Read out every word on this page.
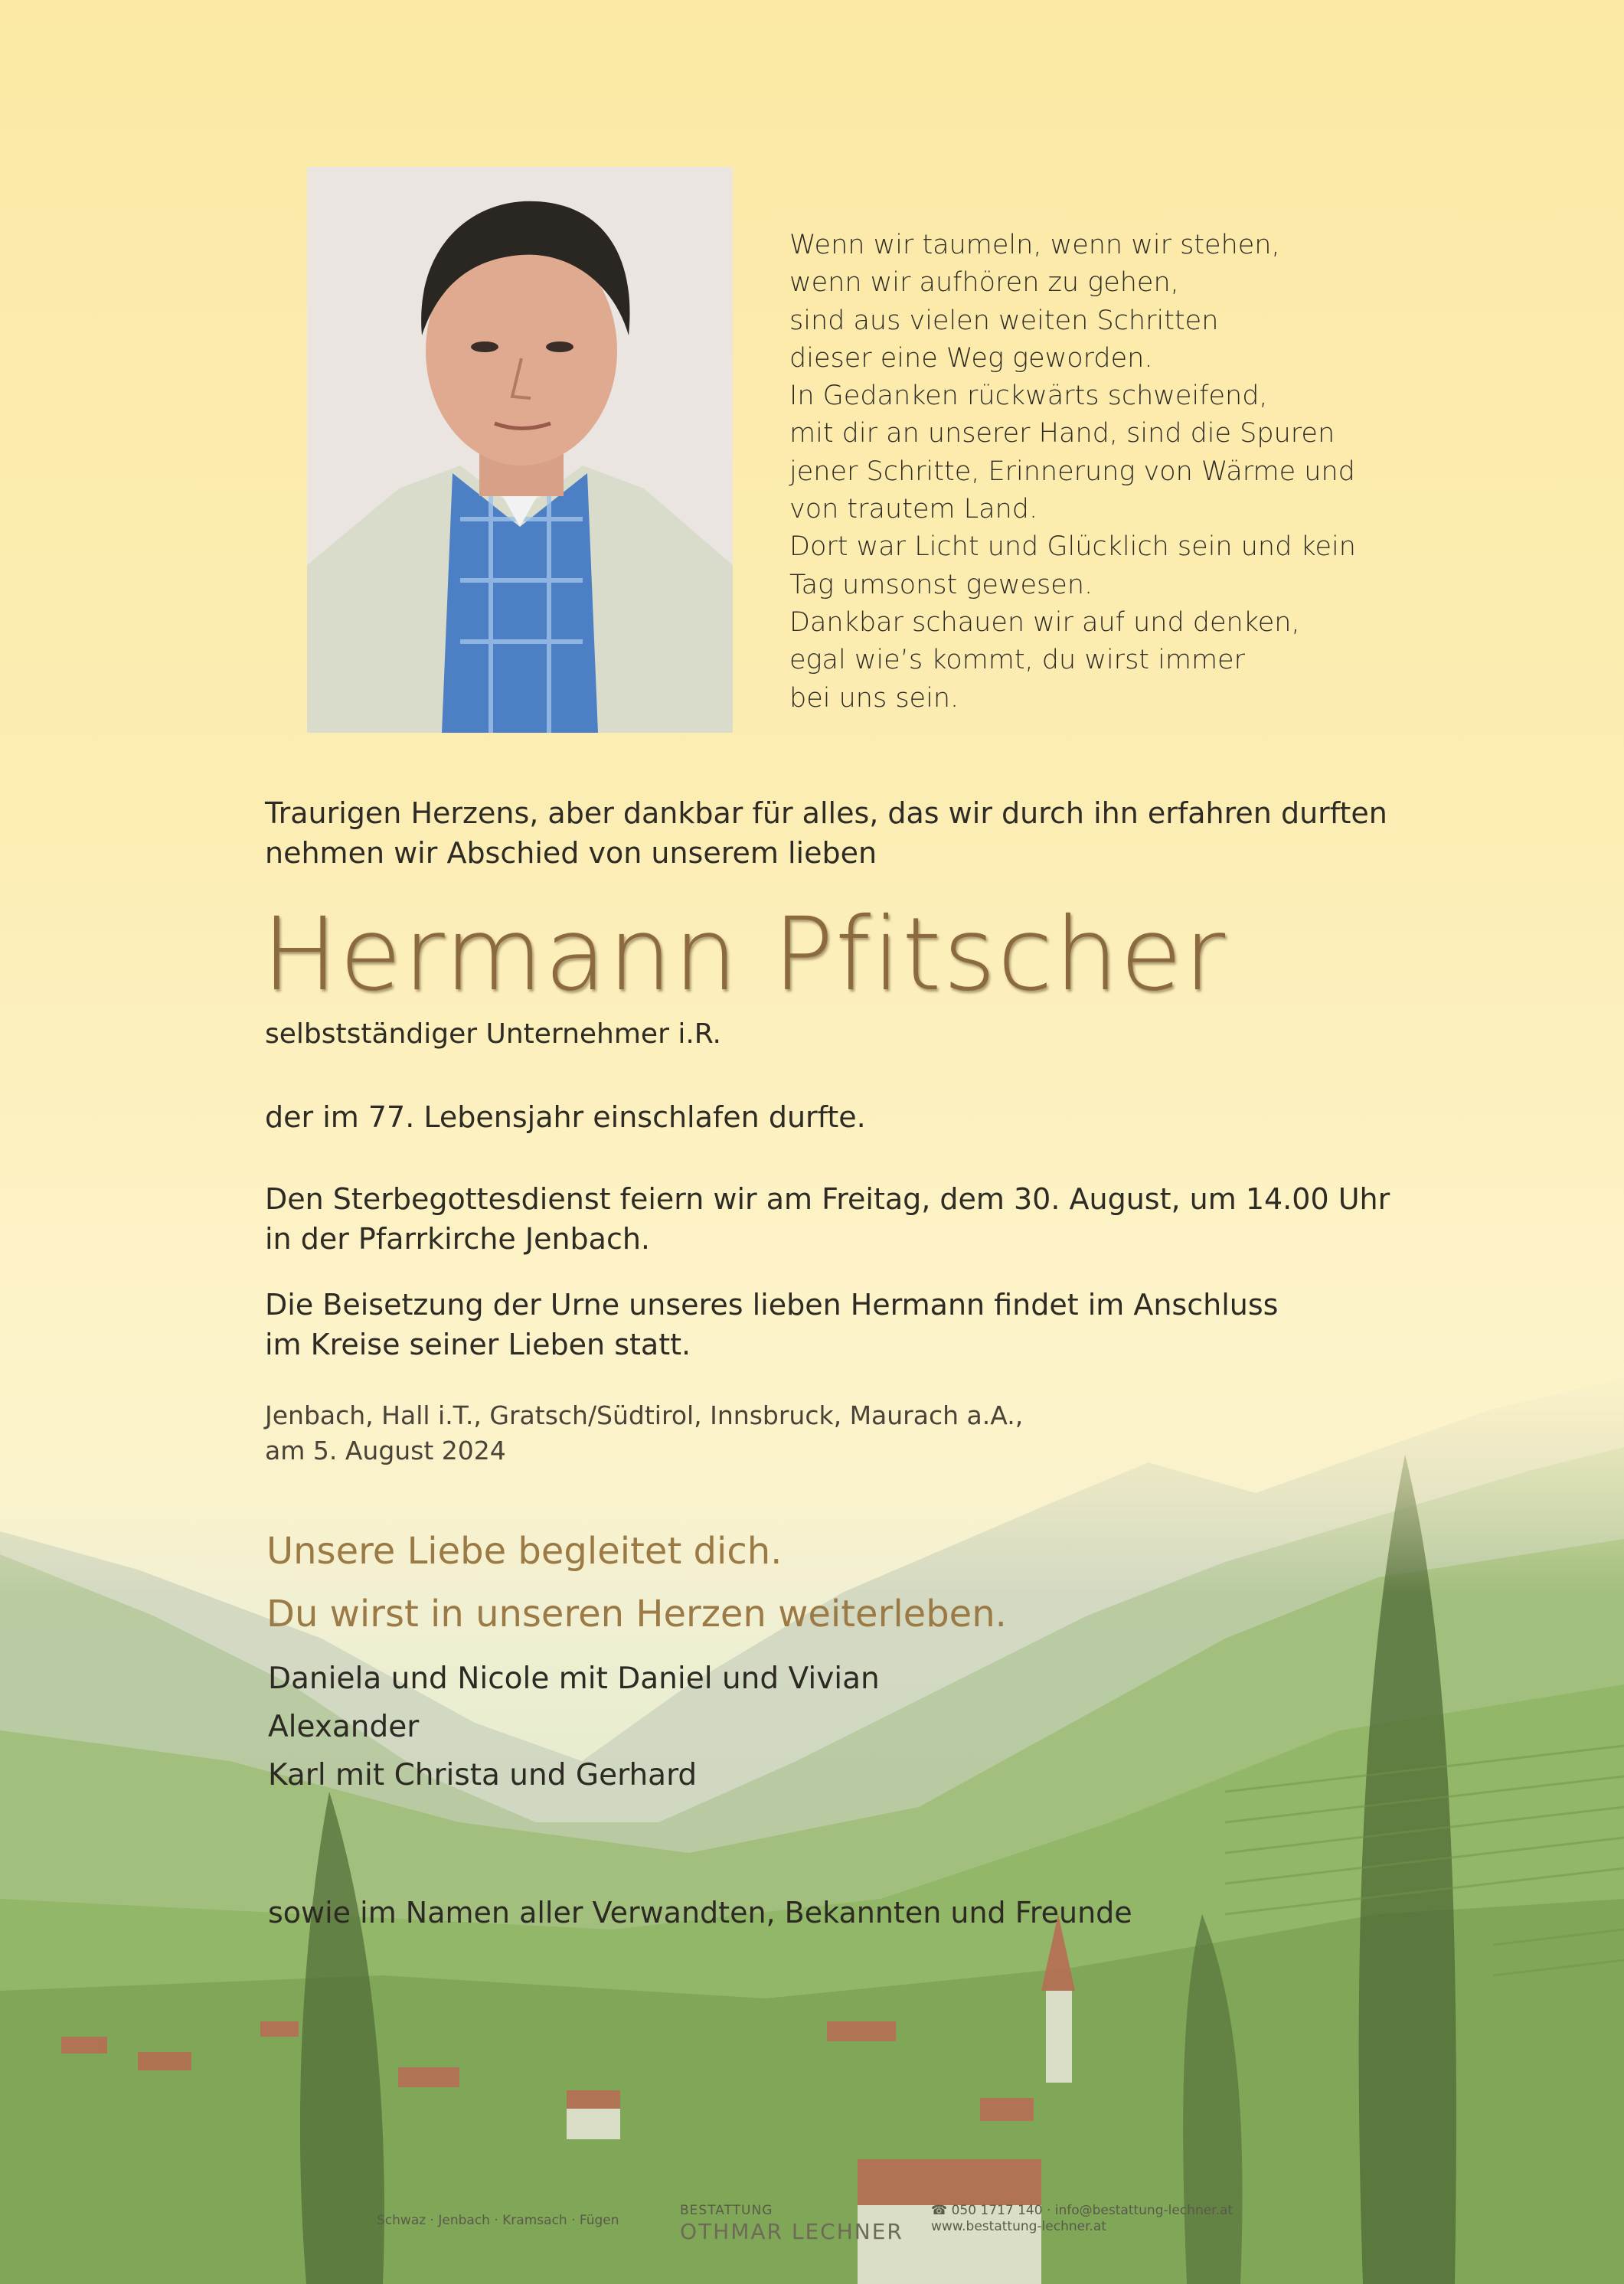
Wenn wir taumeln, wenn wir stehen,
wenn wir aufhören zu gehen,
sind aus vielen weiten Schritten
dieser eine Weg geworden.
In Gedanken rückwärts schweifend,
mit dir an unserer Hand, sind die Spuren
jener Schritte, Erinnerung von Wärme und
von trautem Land.
Dort war Licht und Glücklich sein und kein
Tag umsonst gewesen.
Dankbar schauen wir auf und denken,
egal wie’s kommt, du wirst immer
bei uns sein.
Traurigen Herzens, aber dankbar für alles, das wir durch ihn erfahren durften
nehmen wir Abschied von unserem lieben
Hermann Pfitscher
selbstständiger Unternehmer i.R.
der im 77. Lebensjahr einschlafen durfte.
Den Sterbegottesdienst feiern wir am Freitag, dem 30. August, um 14.00 Uhr
in der Pfarrkirche Jenbach.
Die Beisetzung der Urne unseres lieben Hermann findet im Anschluss
im Kreise seiner Lieben statt.
Jenbach, Hall i.T., Gratsch/Südtirol, Innsbruck, Maurach a.A.,
am 5. August 2024
Unsere Liebe begleitet dich.
Du wirst in unseren Herzen weiterleben.
Daniela und Nicole mit Daniel und Vivian
Alexander
Karl mit Christa und Gerhard
sowie im Namen aller Verwandten, Bekannten und Freunde
Schwaz · Jenbach · Kramsach · Fügen
BESTATTUNG
OTHMAR LECHNER
☎ 050 1717 140 · info@bestattung-lechner.at
www.bestattung-lechner.at
